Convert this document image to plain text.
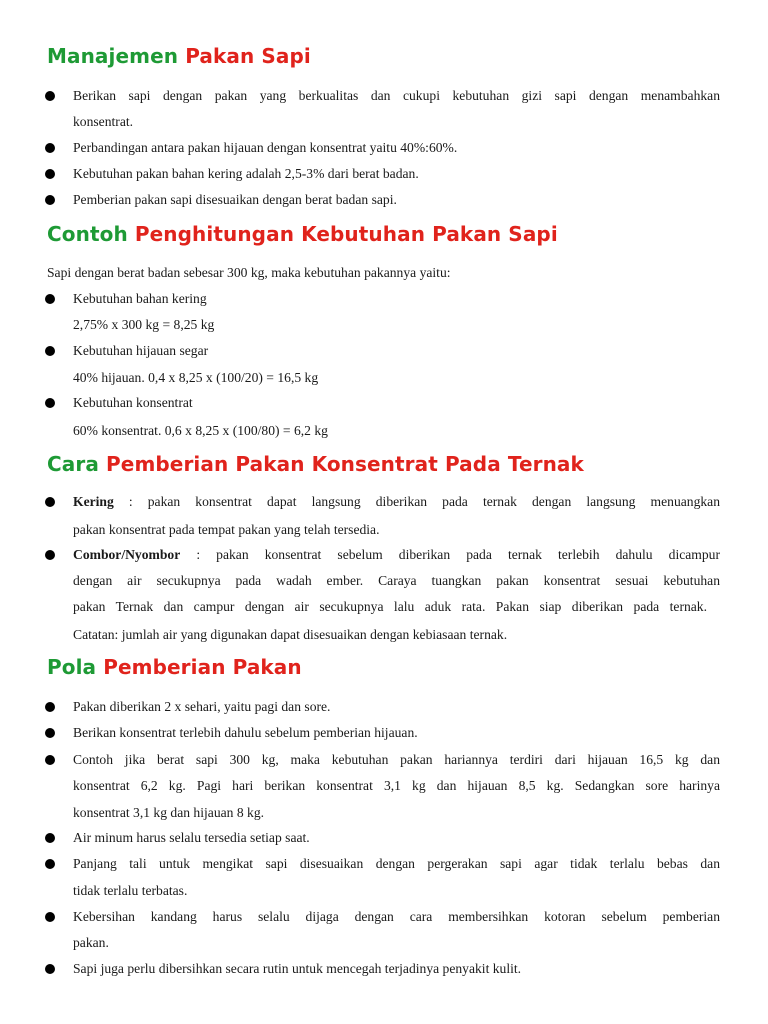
Manajemen Pakan Sapi
Berikan sapi dengan pakan yang berkualitas dan cukupi kebutuhan gizi sapi dengan menambahkan
konsentrat.
Perbandingan antara pakan hijauan dengan konsentrat yaitu 40%:60%.
Kebutuhan pakan bahan kering adalah 2,5-3% dari berat badan.
Pemberian pakan sapi disesuaikan dengan berat badan sapi.
Contoh Penghitungan Kebutuhan Pakan Sapi
Sapi dengan berat badan sebesar 300 kg, maka kebutuhan pakannya yaitu:
Kebutuhan bahan kering
2,75% x 300 kg = 8,25 kg
Kebutuhan hijauan segar
40% hijauan. 0,4 x 8,25 x (100/20) = 16,5 kg
Kebutuhan konsentrat
60% konsentrat. 0,6 x 8,25 x (100/80) = 6,2 kg
Cara Pemberian Pakan Konsentrat Pada Ternak
Kering : pakan konsentrat dapat langsung diberikan pada ternak dengan langsung menuangkan
pakan konsentrat pada tempat pakan yang telah tersedia.
Combor/Nyombor : pakan konsentrat sebelum diberikan pada ternak terlebih dahulu dicampur
dengan air secukupnya pada wadah ember. Caraya tuangkan pakan konsentrat sesuai kebutuhan
pakan Ternak dan campur dengan air secukupnya lalu aduk rata. Pakan siap diberikan pada ternak.
Catatan: jumlah air yang digunakan dapat disesuaikan dengan kebiasaan ternak.
Pola Pemberian Pakan
Pakan diberikan 2 x sehari, yaitu pagi dan sore.
Berikan konsentrat terlebih dahulu sebelum pemberian hijauan.
Contoh jika berat sapi 300 kg, maka kebutuhan pakan hariannya terdiri dari hijauan 16,5 kg dan
konsentrat 6,2 kg. Pagi hari berikan konsentrat 3,1 kg dan hijauan 8,5 kg. Sedangkan sore harinya
konsentrat 3,1 kg dan hijauan 8 kg.
Air minum harus selalu tersedia setiap saat.
Panjang tali untuk mengikat sapi disesuaikan dengan pergerakan sapi agar tidak terlalu bebas dan
tidak terlalu terbatas.
Kebersihan kandang harus selalu dijaga dengan cara membersihkan kotoran sebelum pemberian
pakan.
Sapi juga perlu dibersihkan secara rutin untuk mencegah terjadinya penyakit kulit.
